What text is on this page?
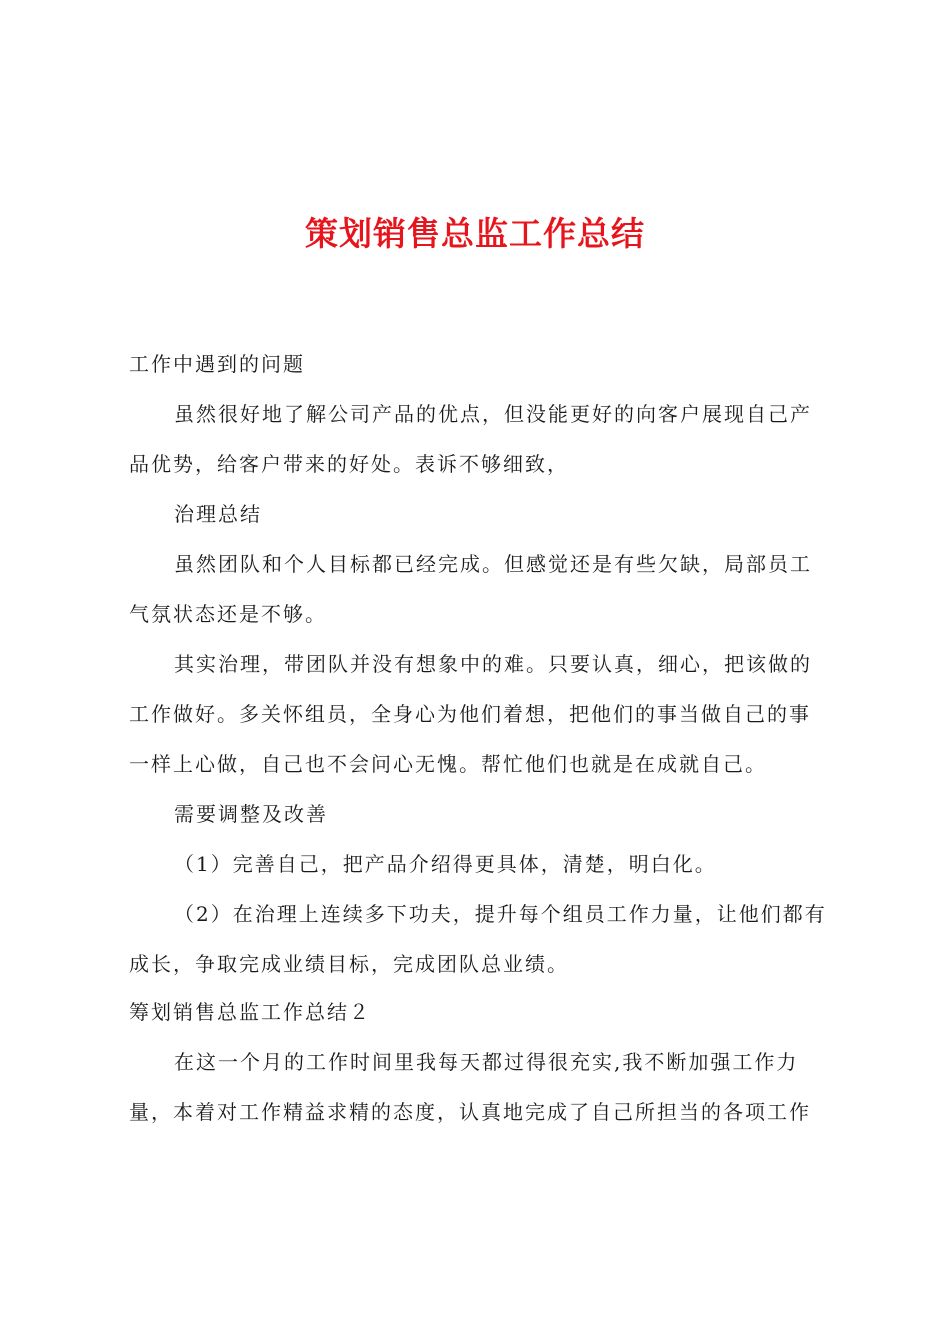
策划销售总监工作总结
工作中遇到的问题
虽然很好地了解公司产品的优点，但没能更好的向客户展现自己产
品优势，给客户带来的好处。表诉不够细致，
治理总结
虽然团队和个人目标都已经完成。但感觉还是有些欠缺，局部员工
气氛状态还是不够。
其实治理，带团队并没有想象中的难。只要认真，细心，把该做的
工作做好。多关怀组员，全身心为他们着想，把他们的事当做自己的事
一样上心做，自己也不会问心无愧。帮忙他们也就是在成就自己。
需要调整及改善
（1）完善自己，把产品介绍得更具体，清楚，明白化。
（2）在治理上连续多下功夫，提升每个组员工作力量，让他们都有
成长，争取完成业绩目标，完成团队总业绩。
筹划销售总监工作总结２
在这一个月的工作时间里我每天都过得很充实,我不断加强工作力
量，本着对工作精益求精的态度，认真地完成了自己所担当的各项工作
